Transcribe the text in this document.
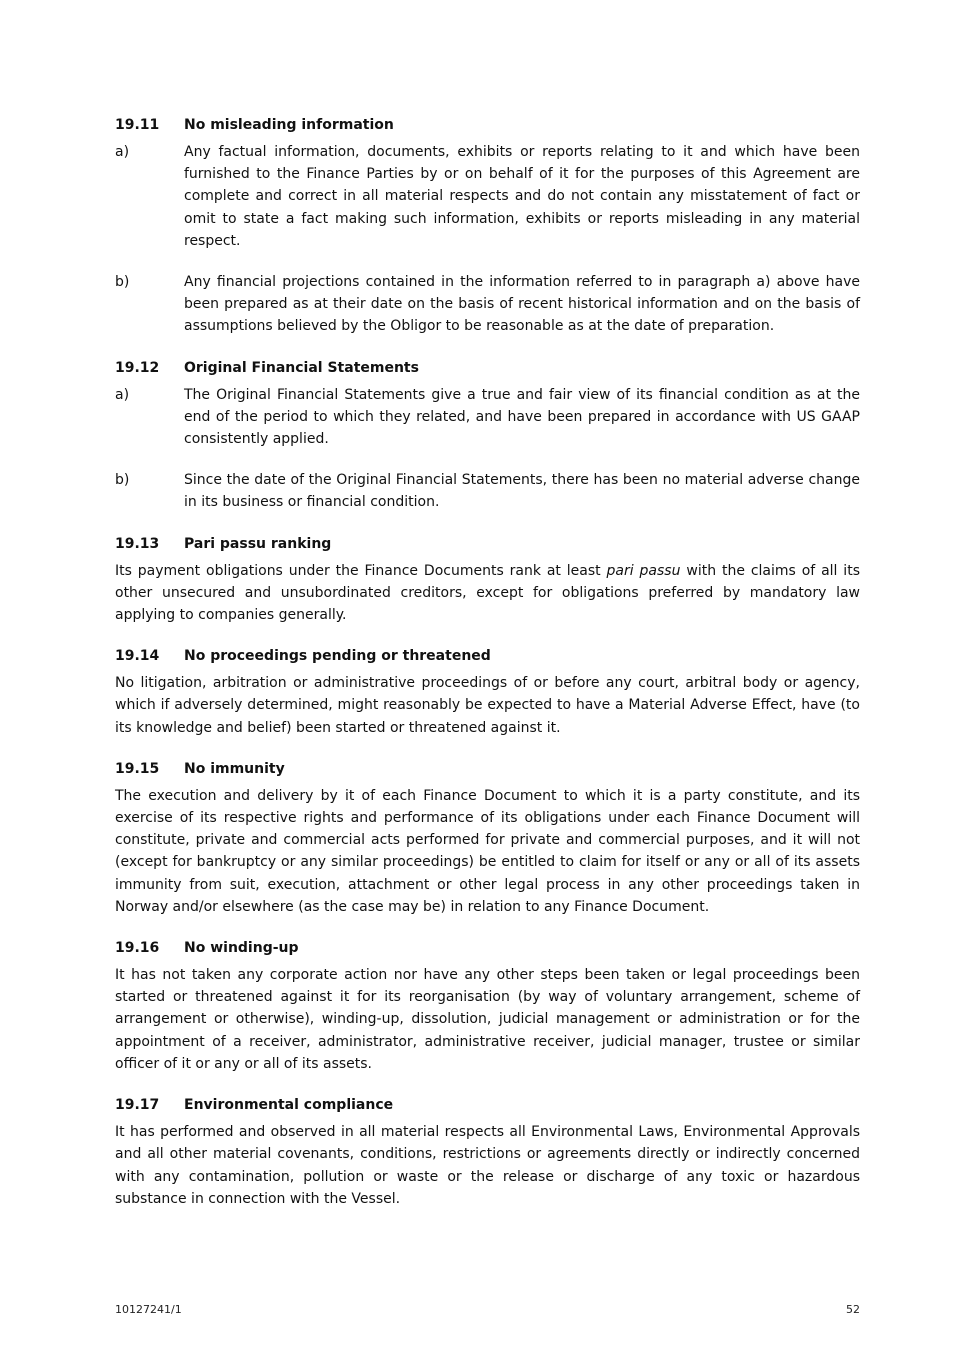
19.11	No misleading information
a)	Any factual information, documents, exhibits or reports relating to it and which have been furnished to the Finance Parties by or on behalf of it for the purposes of this Agreement are complete and correct in all material respects and do not contain any misstatement of fact or omit to state a fact making such information, exhibits or reports misleading in any material respect.
b)	Any financial projections contained in the information referred to in paragraph a) above have been prepared as at their date on the basis of recent historical information and on the basis of assumptions believed by the Obligor to be reasonable as at the date of preparation.
19.12	Original Financial Statements
a)	The Original Financial Statements give a true and fair view of its financial condition as at the end of the period to which they related, and have been prepared in accordance with US GAAP consistently applied.
b)	Since the date of the Original Financial Statements, there has been no material adverse change in its business or financial condition.
19.13	Pari passu ranking
Its payment obligations under the Finance Documents rank at least pari passu with the claims of all its other unsecured and unsubordinated creditors, except for obligations preferred by mandatory law applying to companies generally.
19.14	No proceedings pending or threatened
No litigation, arbitration or administrative proceedings of or before any court, arbitral body or agency, which if adversely determined, might reasonably be expected to have a Material Adverse Effect, have (to its knowledge and belief) been started or threatened against it.
19.15	No immunity
The execution and delivery by it of each Finance Document to which it is a party constitute, and its exercise of its respective rights and performance of its obligations under each Finance Document will constitute, private and commercial acts performed for private and commercial purposes, and it will not (except for bankruptcy or any similar proceedings) be entitled to claim for itself or any or all of its assets immunity from suit, execution, attachment or other legal process in any other proceedings taken in Norway and/or elsewhere (as the case may be) in relation to any Finance Document.
19.16	No winding-up
It has not taken any corporate action nor have any other steps been taken or legal proceedings been started or threatened against it for its reorganisation (by way of voluntary arrangement, scheme of arrangement or otherwise), winding-up, dissolution, judicial management or administration or for the appointment of a receiver, administrator, administrative receiver, judicial manager, trustee or similar officer of it or any or all of its assets.
19.17	Environmental compliance
It has performed and observed in all material respects all Environmental Laws, Environmental Approvals and all other material covenants, conditions, restrictions or agreements directly or indirectly concerned with any contamination, pollution or waste or the release or discharge of any toxic or hazardous substance in connection with the Vessel.
10127241/1	52
